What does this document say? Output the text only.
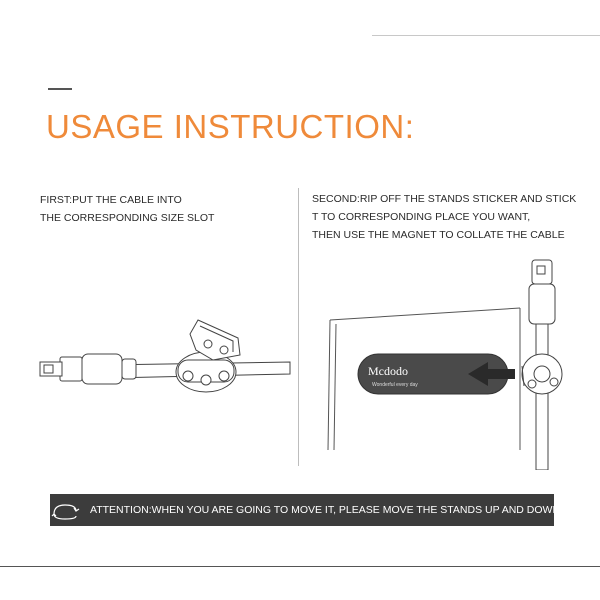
USAGE INSTRUCTION:
FIRST:PUT THE CABLE INTO
THE CORRESPONDING SIZE SLOT
SECOND:RIP OFF THE STANDS STICKER AND STICK
T TO CORRESPONDING PLACE YOU WANT,
THEN USE THE MAGNET TO COLLATE THE CABLE
Mcdodo
Wonderful every day
ATTENTION:WHEN YOU ARE GOING TO MOVE IT, PLEASE MOVE THE STANDS UP AND DOWN
